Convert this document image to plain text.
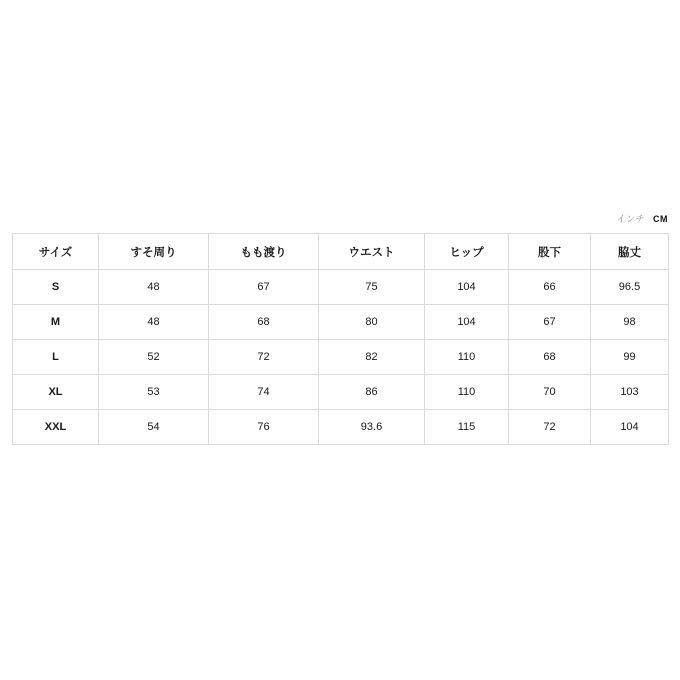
インチ CM
サイズ	すそ周り	もも渡り	ウエスト	ヒップ	股下	脇丈
S	48	67	75	104	66	96.5
M	48	68	80	104	67	98
L	52	72	82	110	68	99
XL	53	74	86	110	70	103
XXL	54	76	93.6	115	72	104
